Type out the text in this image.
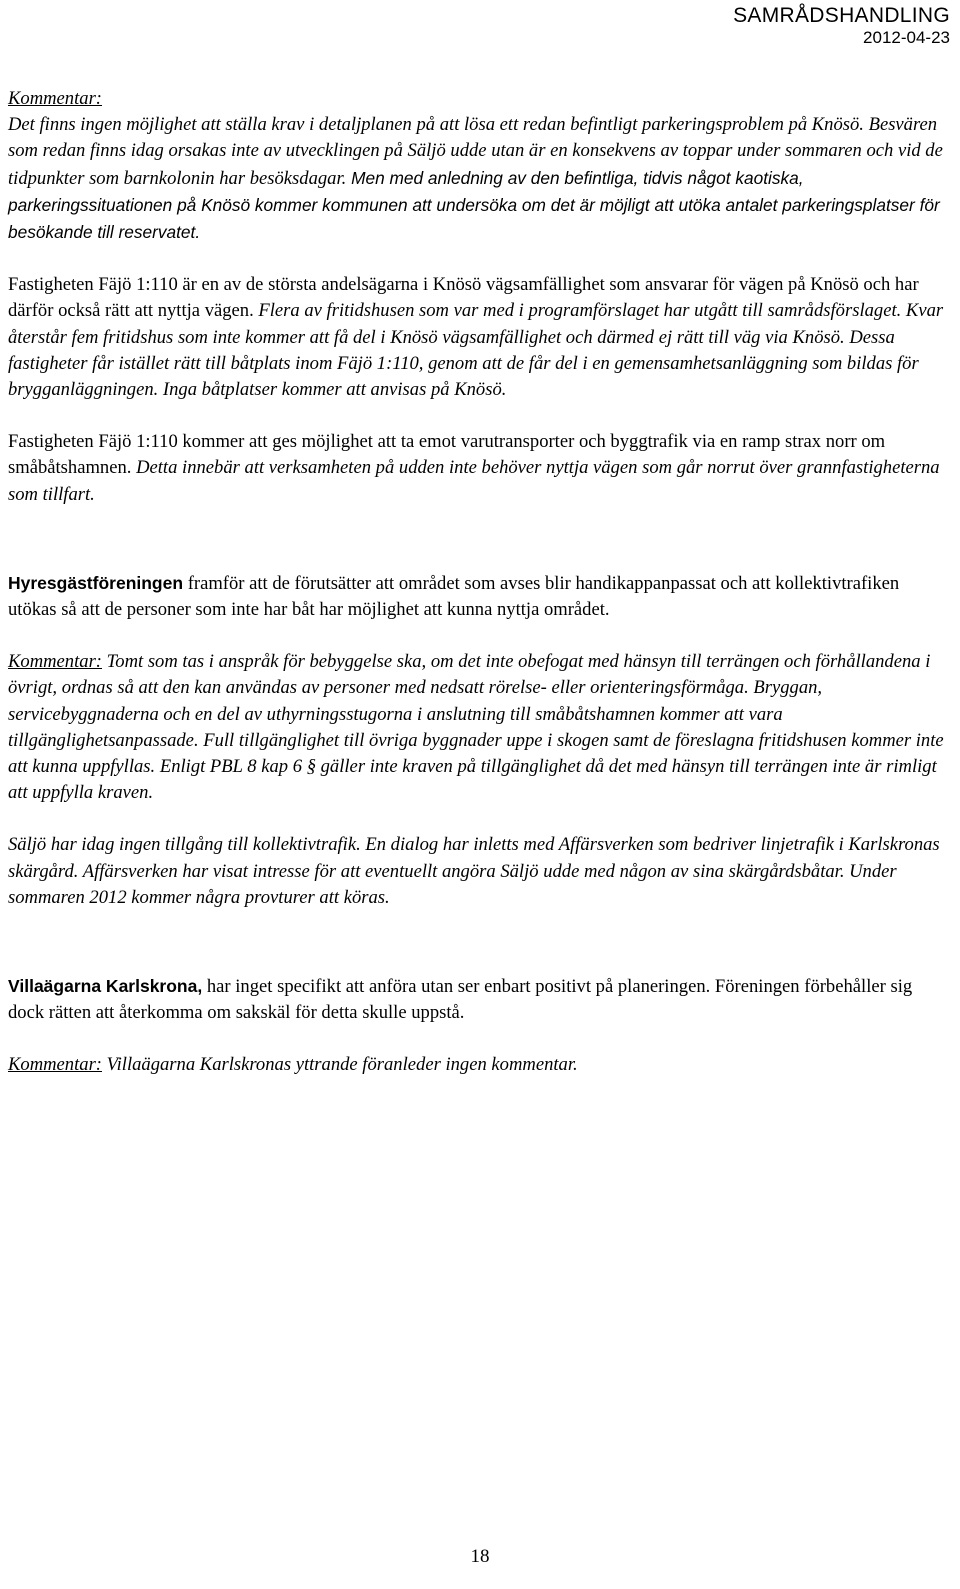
SAMRÅDSHANDLING
2012-04-23

Kommentar:

Det finns ingen möjlighet att ställa krav i detaljplanen på att lösa ett redan befintligt parkeringsproblem på Knösö. Besvären som redan finns idag orsakas inte av utvecklingen på Säljö udde utan är en konsekvens av toppar under sommaren och vid de tidpunkter som barnkolonin har besöksdagar. Men med anledning av den befintliga, tidvis något kaotiska, parkeringssituationen på Knösö kommer kommunen att undersöka om det är möjligt att utöka antalet parkeringsplatser för besökande till reservatet.

Fastigheten Fäjö 1:110 är en av de största andelsägarna i Knösö vägsamfällighet som ansvarar för vägen på Knösö och har därför också rätt att nyttja vägen. Flera av fritidshusen som var med i programförslaget har utgått till samrådsförslaget. Kvar återstår fem fritidshus som inte kommer att få del i Knösö vägsamfällighet och därmed ej rätt till väg via Knösö. Dessa fastigheter får istället rätt till båtplats inom Fäjö 1:110, genom att de får del i en gemensamhetsanläggning som bildas för brygganläggningen. Inga båtplatser kommer att anvisas på Knösö.

Fastigheten Fäjö 1:110 kommer att ges möjlighet att ta emot varutransporter och byggtrafik via en ramp strax norr om småbåtshamnen. Detta innebär att verksamheten på udden inte behöver nyttja vägen som går norrut över grannfastigheterna som tillfart.

Hyresgästföreningen framför att de förutsätter att området som avses blir handikappanpassat och att kollektivtrafiken utökas så att de personer som inte har båt har möjlighet att kunna nyttja området.

Kommentar: Tomt som tas i anspråk för bebyggelse ska, om det inte obefogat med hänsyn till terrängen och förhållandena i övrigt, ordnas så att den kan användas av personer med nedsatt rörelse- eller orienteringsförmåga. Bryggan, servicebyggnaderna och en del av uthyrningsstugorna i anslutning till småbåtshamnen kommer att vara tillgänglighetsanpassade. Full tillgänglighet till övriga byggnader uppe i skogen samt de föreslagna fritidshusen kommer inte att kunna uppfyllas. Enligt PBL 8 kap 6 § gäller inte kraven på tillgänglighet då det med hänsyn till terrängen inte är rimligt att uppfylla kraven.

Säljö har idag ingen tillgång till kollektivtrafik. En dialog har inletts med Affärsverken som bedriver linjetrafik i Karlskronas skärgård. Affärsverken har visat intresse för att eventuellt angöra Säljö udde med någon av sina skärgårdsbåtar. Under sommaren 2012 kommer några provturer att köras.

Villaägarna Karlskrona, har inget specifikt att anföra utan ser enbart positivt på planeringen. Föreningen förbehåller sig dock rätten att återkomma om sakskäl för detta skulle uppstå.

Kommentar: Villaägarna Karlskronas yttrande föranleder ingen kommentar.

18
